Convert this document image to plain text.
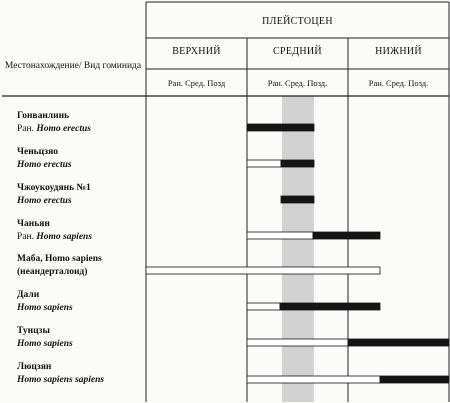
ПЛЕЙСТОЦЕН
Местонахождение/ Вид гоминида
ВЕРХНИЙ	СРЕДНИЙ	НИЖНИЙ
Ран. Сред. Позд	Ран. Сред. Позд.	Ран. Сред. Позд.
Гонванлинь
Ран. Homo erectus
Ченьцзяо
Homo erectus
Чжоукоудянь №1
Homo erectus
Чаньян
Ран. Homo sapiens
Маба, Homo sapiens
(неандерталоид)
Дали
Homo sapiens
Тунцзы
Homo sapiens
Люцзян
Homo sapiens sapiens
